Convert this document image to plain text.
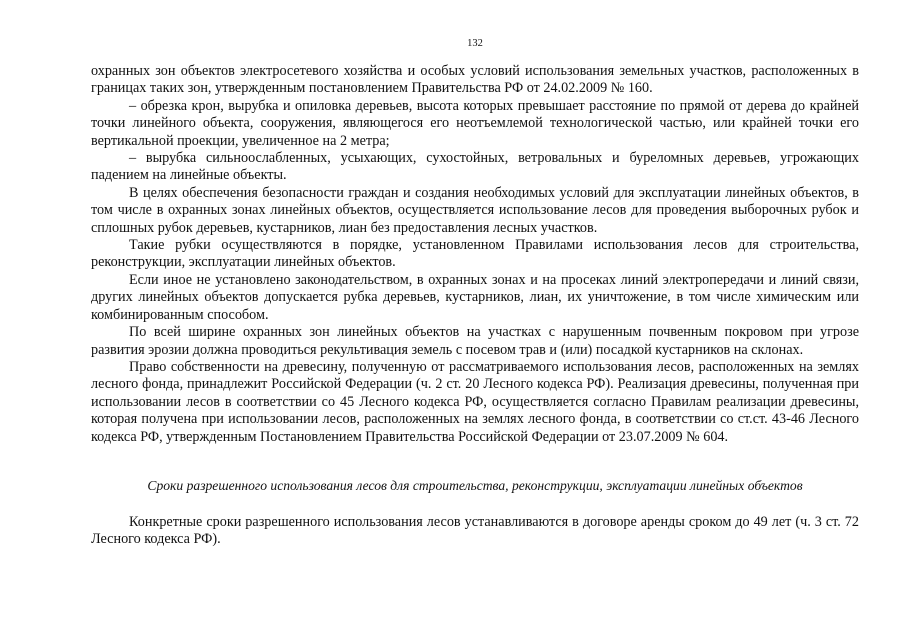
132

охранных зон объектов электросетевого хозяйства и особых условий использования земельных участков, расположенных в границах таких зон, утвержденным постановлением Правительства РФ от 24.02.2009 № 160.

– обрезка крон, вырубка и опиловка деревьев, высота которых превышает расстояние по прямой от дерева до крайней точки линейного объекта, сооружения, являющегося его неотъемлемой технологической частью, или крайней точки его вертикальной проекции, увеличенное на 2 метра;

– вырубка сильноослабленных, усыхающих, сухостойных, ветровальных и буреломных деревьев, угрожающих падением на линейные объекты.

В целях обеспечения безопасности граждан и создания необходимых условий для эксплуатации линейных объектов, в том числе в охранных зонах линейных объектов, осуществляется использование лесов для проведения выборочных рубок и сплошных рубок деревьев, кустарников, лиан без предоставления лесных участков.

Такие рубки осуществляются в порядке, установленном Правилами использования лесов для строительства, реконструкции, эксплуатации линейных объектов.

Если иное не установлено законодательством, в охранных зонах и на просеках линий электропередачи и линий связи, других линейных объектов допускается рубка деревьев, кустарников, лиан, их уничтожение, в том числе химическим или комбинированным способом.

По всей ширине охранных зон линейных объектов на участках с нарушенным почвенным покровом при угрозе развития эрозии должна проводиться рекультивация земель с посевом трав и (или) посадкой кустарников на склонах.

Право собственности на древесину, полученную от рассматриваемого использования лесов, расположенных на землях лесного фонда, принадлежит Российской Федерации (ч. 2 ст. 20 Лесного кодекса РФ). Реализация древесины, полученная при использовании лесов в соответствии со 45 Лесного кодекса РФ, осуществляется согласно Правилам реализации древесины, которая получена при использовании лесов, расположенных на землях лесного фонда, в соответствии со ст.ст. 43-46 Лесного кодекса РФ, утвержденным Постановлением Правительства Российской Федерации от 23.07.2009 № 604.

Сроки разрешенного использования лесов для строительства, реконструкции, эксплуатации линейных объектов

Конкретные сроки разрешенного использования лесов устанавливаются в договоре аренды сроком до 49 лет (ч. 3 ст. 72 Лесного кодекса РФ).
